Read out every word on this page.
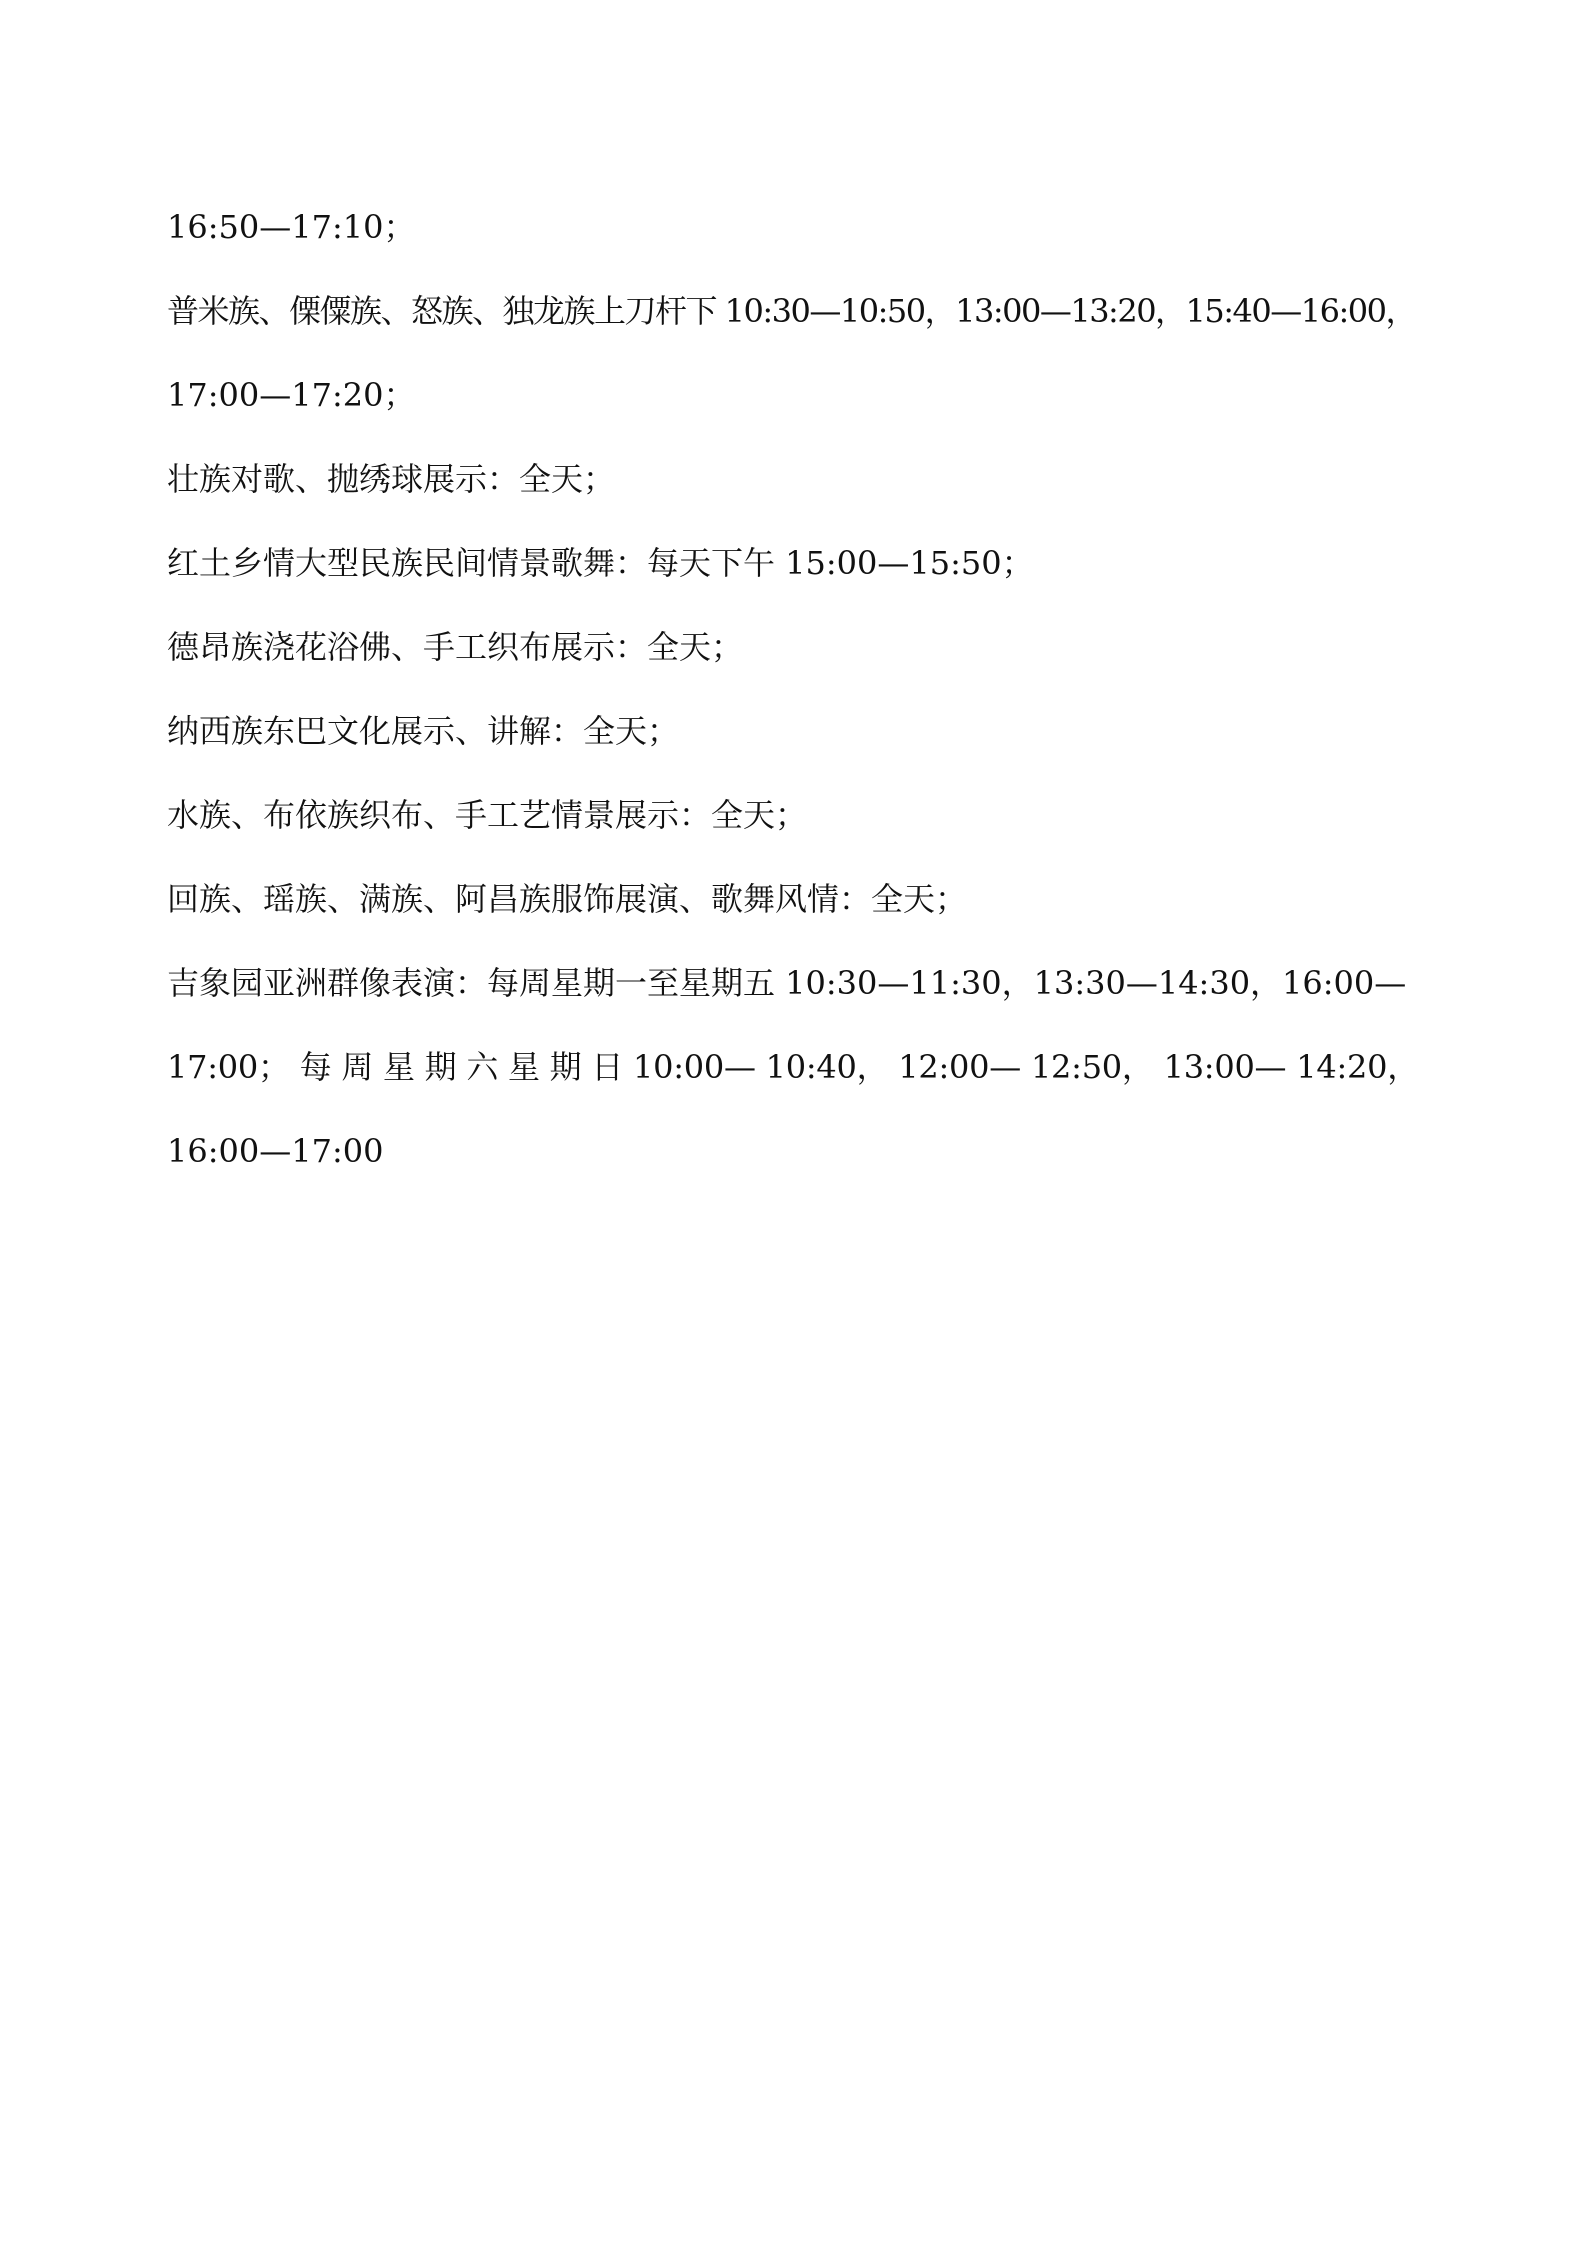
16:50—17:10；
普米族、傈僳族、怒族、独龙族上刀杆下 10:30—10:50，13:00—13:20，15:40—16:00，
17:00—17:20；
壮族对歌、抛绣球展示：全天；
红土乡情大型民族民间情景歌舞：每天下午 15:00—15:50；
德昂族浇花浴佛、手工织布展示：全天；
纳西族东巴文化展示、讲解：全天；
水族、布依族织布、手工艺情景展示：全天；
回族、瑶族、满族、阿昌族服饰展演、歌舞风情：全天；
吉象园亚洲群像表演：每周星期一至星期五 10:30—11:30，13:30—14:30，16:00—
17:00； 每 周 星 期 六 星 期 日 10:00— 10:40， 12:00— 12:50， 13:00— 14:20，
16:00—17:00
